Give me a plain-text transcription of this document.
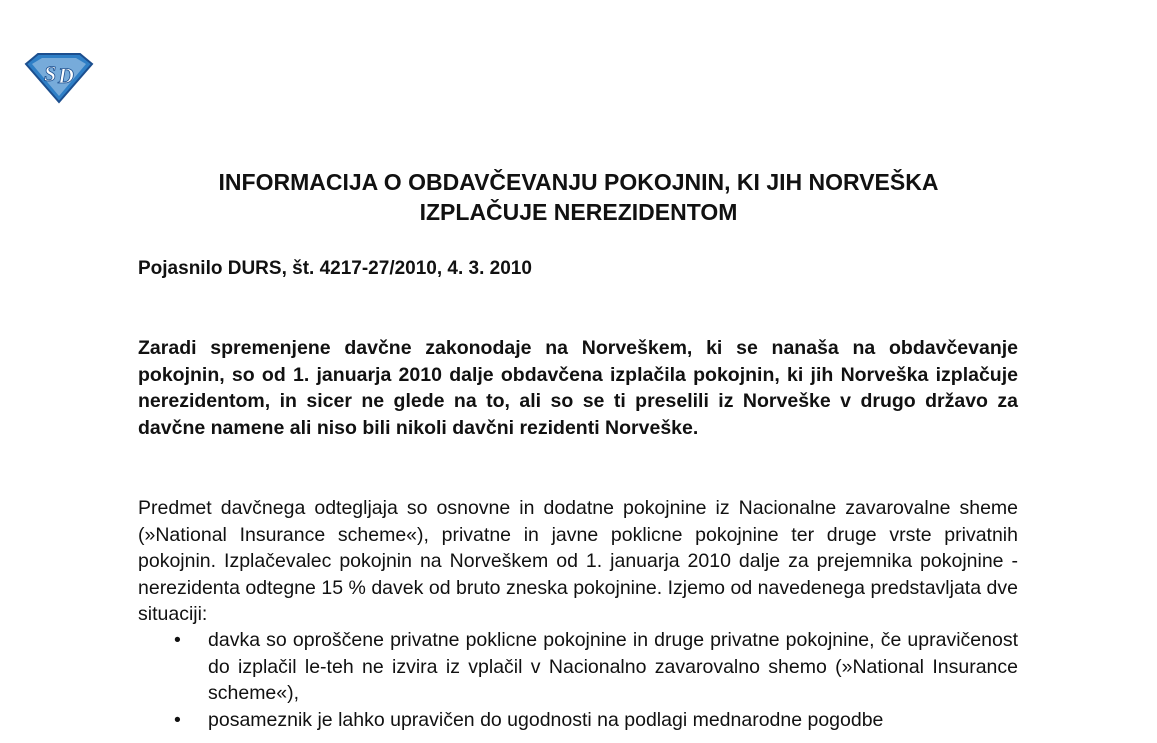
S D
INFORMACIJA O OBDAVČEVANJU POKOJNIN, KI JIH NORVEŠKA
IZPLAČUJE NEREZIDENTOM

Pojasnilo DURS, št. 4217-27/2010, 4. 3. 2010

Zaradi spremenjene davčne zakonodaje na Norveškem, ki se nanaša na obdavčevanje pokojnin, so od 1. januarja 2010 dalje obdavčena izplačila pokojnin, ki jih Norveška izplačuje nerezidentom, in sicer ne glede na to, ali so se ti preselili iz Norveške v drugo državo za davčne namene ali niso bili nikoli davčni rezidenti Norveške.

Predmet davčnega odtegljaja so osnovne in dodatne pokojnine iz Nacionalne zavarovalne sheme (»National Insurance scheme«), privatne in javne poklicne pokojnine ter druge vrste privatnih pokojnin. Izplačevalec pokojnin na Norveškem od 1. januarja 2010 dalje za prejemnika pokojnine - nerezidenta odtegne 15 % davek od bruto zneska pokojnine. Izjemo od navedenega predstavljata dve situaciji:

• davka so oproščene privatne poklicne pokojnine in druge privatne pokojnine, če upravičenost do izplačil le-teh ne izvira iz vplačil v Nacionalno zavarovalno shemo (»National Insurance scheme«),
• posameznik je lahko upravičen do ugodnosti na podlagi mednarodne pogodbe
